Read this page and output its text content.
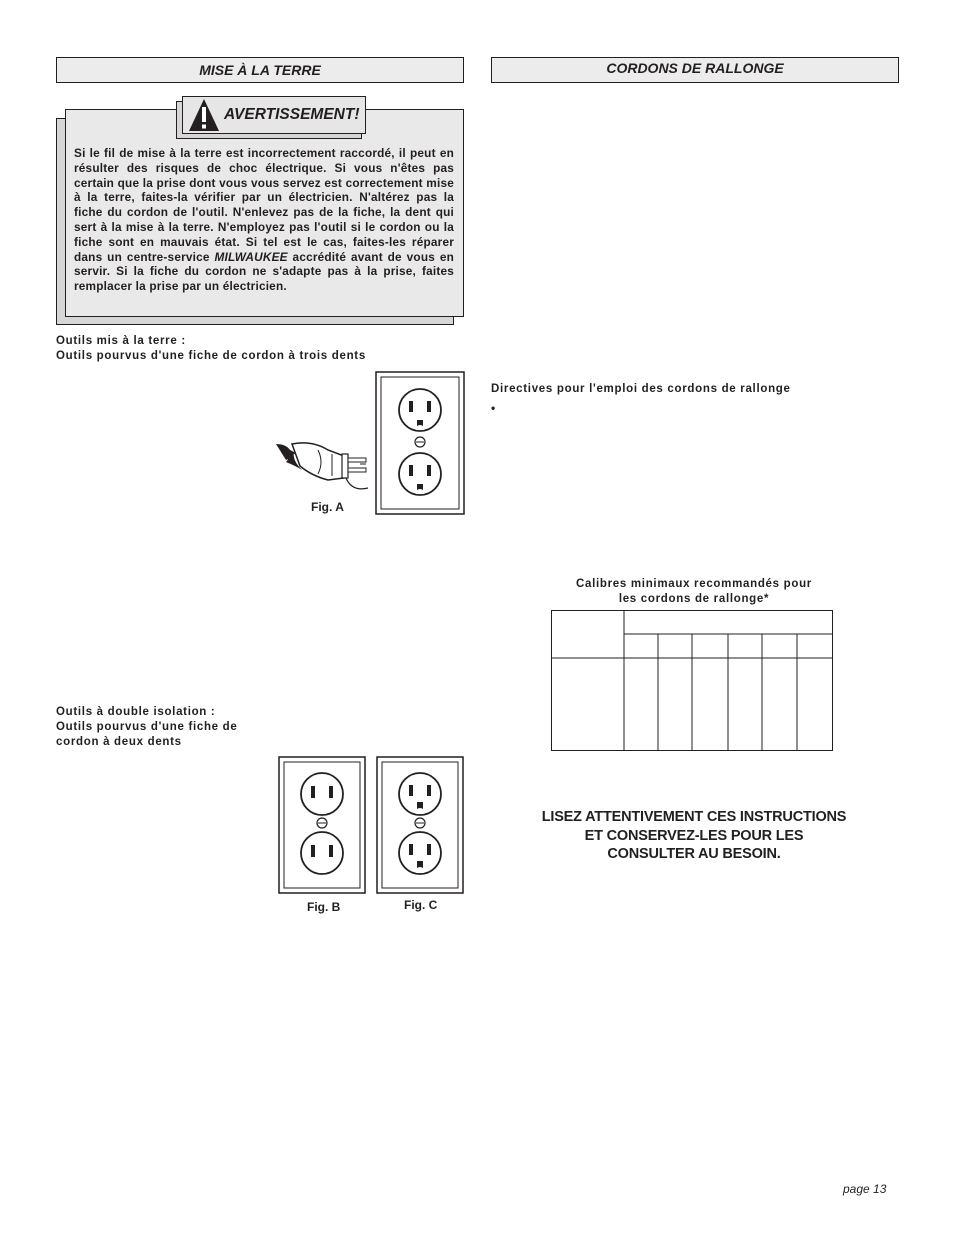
MISE À LA TERRE	CORDONS DE RALLONGE
AVERTISSEMENT!
Si le fil de mise à la terre est incorrectement raccordé, il peut en résulter des risques de choc électrique. Si vous n'êtes pas certain que la prise dont vous vous servez est correctement mise à la terre, faites-la vérifier par un électricien. N'altérez pas la fiche du cordon de l'outil. N'enlevez pas de la fiche, la dent qui sert à la mise à la terre. N'employez pas l'outil si le cordon ou la fiche sont en mauvais état. Si tel est le cas, faites-les réparer dans un centre-service MILWAUKEE accrédité avant de vous en servir. Si la fiche du cordon ne s'adapte pas à la prise, faites remplacer la prise par un électricien.
Outils mis à la terre :
Outils pourvus d'une fiche de cordon à trois dents
Fig. A
Outils à double isolation :
Outils pourvus d'une fiche de
cordon à deux dents
Fig. B	Fig. C
Directives pour l'emploi des cordons de rallonge
•
Calibres minimaux recommandés pour
les cordons de rallonge*
LISEZ ATTENTIVEMENT CES INSTRUCTIONS
ET CONSERVEZ-LES POUR LES
CONSULTER AU BESOIN.
page 13
